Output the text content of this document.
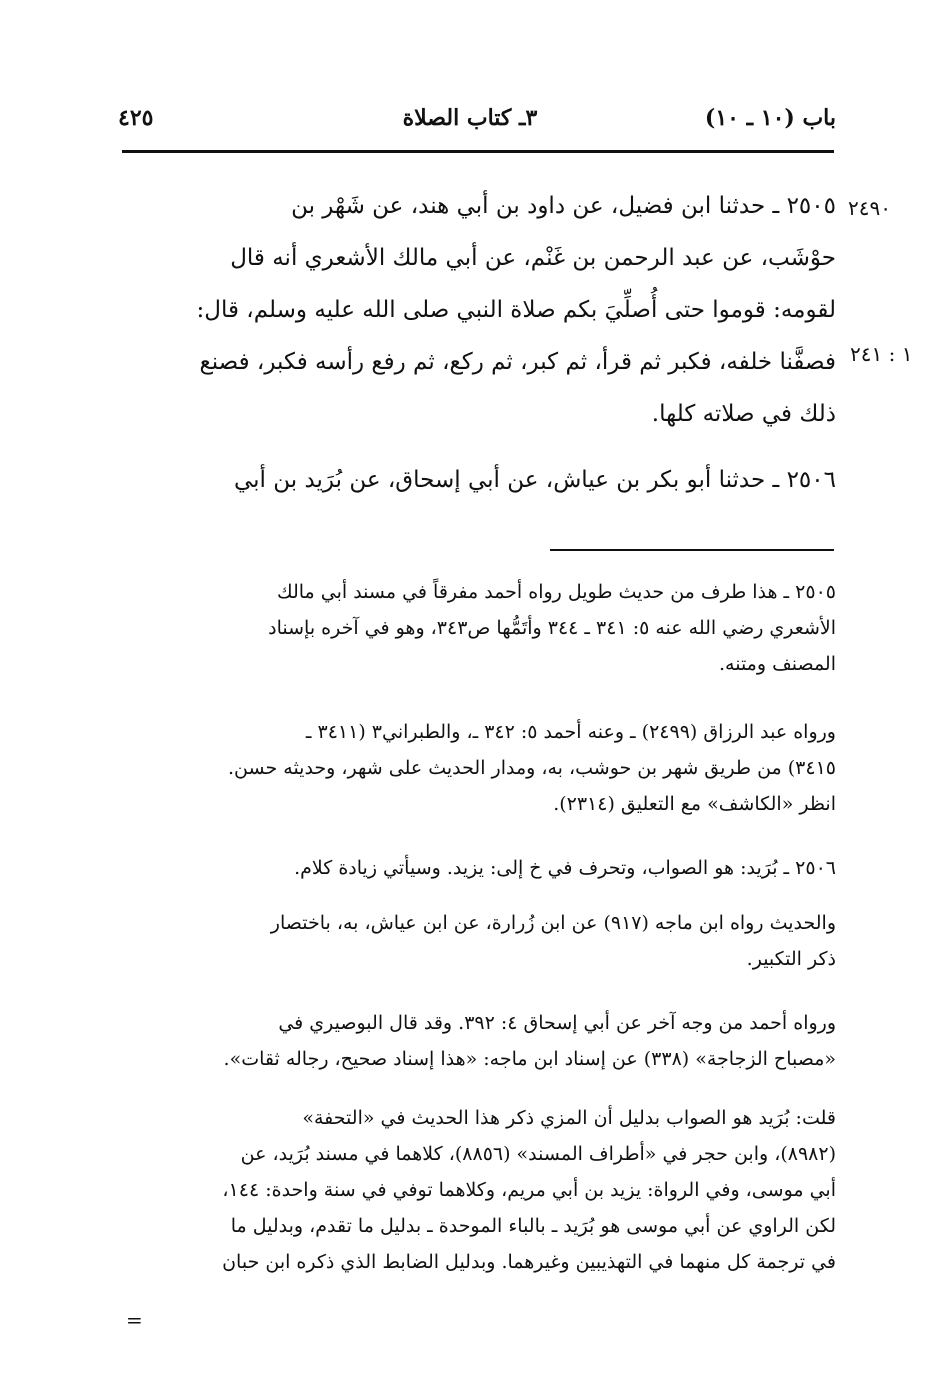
باب (١٠ ـ ١٠)
٣ـ كتاب الصلاة
٤٢٥
٢٤٩٠
١ : ٢٤١
٢٥٠٥ ـ حدثنا ابن فضيل، عن داود بن أبي هند، عن شَهْر بن
حوْشَب، عن عبد الرحمن بن غَنْم، عن أبي مالك الأشعري أنه قال
لقومه: قوموا حتى أُصلِّيَ بكم صلاة النبي صلى الله عليه وسلم، قال:
فصفَّنا خلفه، فكبر ثم قرأ، ثم كبر، ثم ركع، ثم رفع رأسه فكبر، فصنع
ذلك في صلاته كلها.
٢٥٠٦ ـ حدثنا أبو بكر بن عياش، عن أبي إسحاق، عن بُرَيد بن أبي
٢٥٠٥ ـ هذا طرف من حديث طويل رواه أحمد مفرقاً في مسند أبي مالك
الأشعري رضي الله عنه ٥: ٣٤١ ـ ٣٤٤ وأتَمُّها ص٣٤٣، وهو في آخره بإسناد
المصنف ومتنه.
ورواه عبد الرزاق (٢٤٩٩) ـ وعنه أحمد ٥: ٣٤٢ ـ، والطبراني٣ (٣٤١١ ـ
٣٤١٥) من طريق شهر بن حوشب، به، ومدار الحديث على شهر، وحديثه حسن.
انظر «الكاشف» مع التعليق (٢٣١٤).
٢٥٠٦ ـ بُرَيد: هو الصواب، وتحرف في خ إلى: يزيد. وسيأتي زيادة كلام.
والحديث رواه ابن ماجه (٩١٧) عن ابن زُرارة، عن ابن عياش، به، باختصار
ذكر التكبير.
ورواه أحمد من وجه آخر عن أبي إسحاق ٤: ٣٩٢. وقد قال البوصيري في
«مصباح الزجاجة» (٣٣٨) عن إسناد ابن ماجه: «هذا إسناد صحيح، رجاله ثقات».
قلت: بُرَيد هو الصواب بدليل أن المزي ذكر هذا الحديث في «التحفة»
(٨٩٨٢)، وابن حجر في «أطراف المسند» (٨٨٥٦)، كلاهما في مسند بُرَيد، عن
أبي موسى، وفي الرواة: يزيد بن أبي مريم، وكلاهما توفي في سنة واحدة: ١٤٤،
لكن الراوي عن أبي موسى هو بُرَيد ـ بالباء الموحدة ـ بدليل ما تقدم، وبدليل ما
في ترجمة كل منهما في التهذيبين وغيرهما. وبدليل الضابط الذي ذكره ابن حبان
=
